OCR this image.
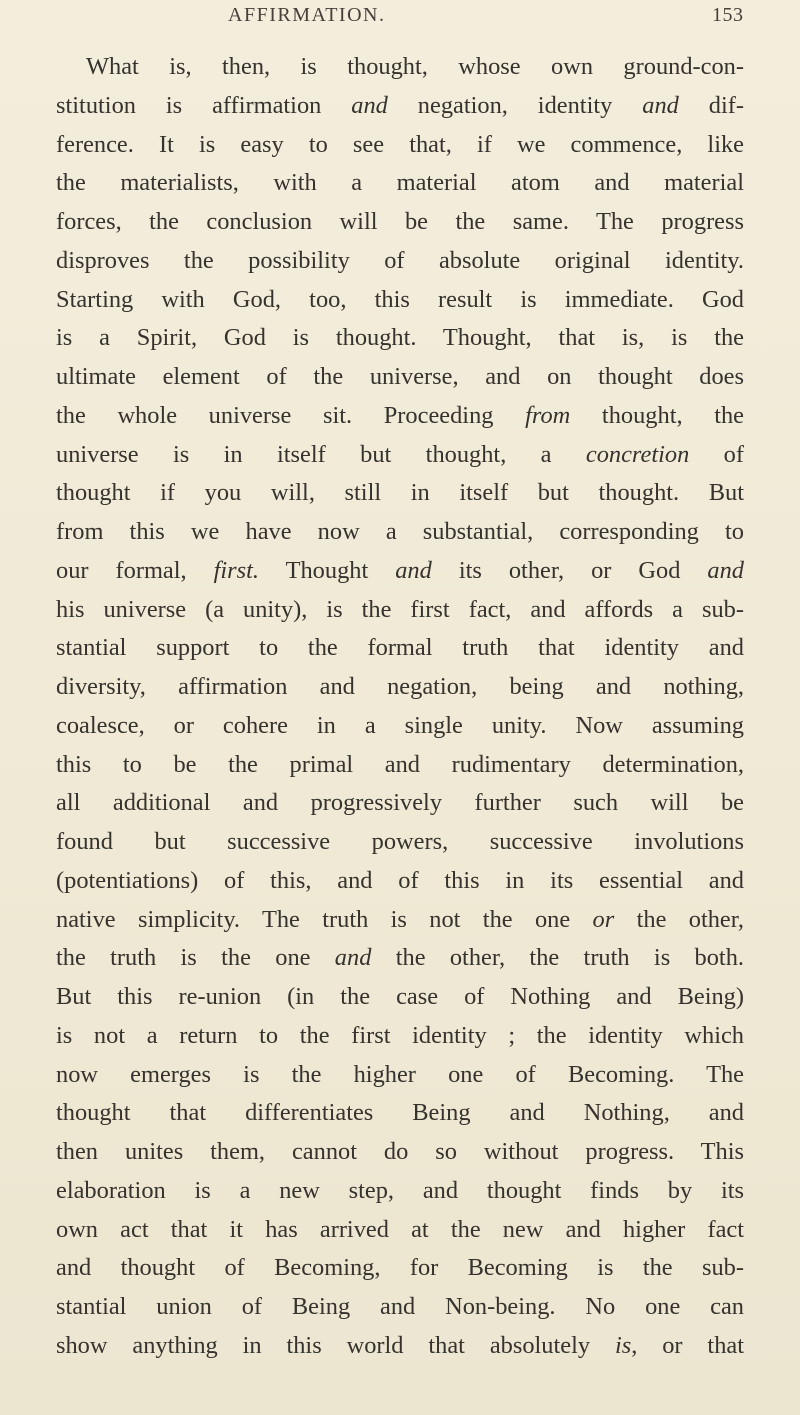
AFFIRMATION.	153
What is, then, is thought, whose own ground-con-
stitution is affirmation and negation, identity and dif-
ference. It is easy to see that, if we commence, like
the materialists, with a material atom and material
forces, the conclusion will be the same. The progress
disproves the possibility of absolute original identity.
Starting with God, too, this result is immediate. God
is a Spirit, God is thought. Thought, that is, is the
ultimate element of the universe, and on thought does
the whole universe sit. Proceeding from thought, the
universe is in itself but thought, a concretion of
thought if you will, still in itself but thought. But
from this we have now a substantial, corresponding to
our formal, first. Thought and its other, or God and
his universe (a unity), is the first fact, and affords a sub-
stantial support to the formal truth that identity and
diversity, affirmation and negation, being and nothing,
coalesce, or cohere in a single unity. Now assuming
this to be the primal and rudimentary determination,
all additional and progressively further such will be
found but successive powers, successive involutions
(potentiations) of this, and of this in its essential and
native simplicity. The truth is not the one or the other,
the truth is the one and the other, the truth is both.
But this re-union (in the case of Nothing and Being)
is not a return to the first identity ; the identity which
now emerges is the higher one of Becoming. The
thought that differentiates Being and Nothing, and
then unites them, cannot do so without progress. This
elaboration is a new step, and thought finds by its
own act that it has arrived at the new and higher fact
and thought of Becoming, for Becoming is the sub-
stantial union of Being and Non-being. No one can
show anything in this world that absolutely is, or that
